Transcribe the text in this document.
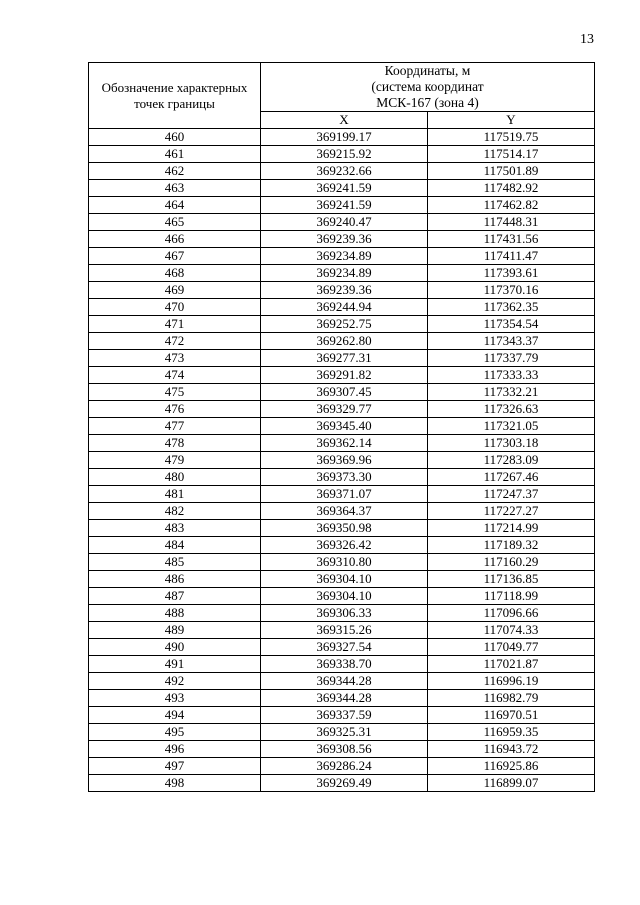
13
Обозначение характерных точек границы	Координаты, м
(система координат
МСК-167 (зона 4)	

	X	Y
460	369199.17	117519.75
461	369215.92	117514.17
462	369232.66	117501.89
463	369241.59	117482.92
464	369241.59	117462.82
465	369240.47	117448.31
466	369239.36	117431.56
467	369234.89	117411.47
468	369234.89	117393.61
469	369239.36	117370.16
470	369244.94	117362.35
471	369252.75	117354.54
472	369262.80	117343.37
473	369277.31	117337.79
474	369291.82	117333.33
475	369307.45	117332.21
476	369329.77	117326.63
477	369345.40	117321.05
478	369362.14	117303.18
479	369369.96	117283.09
480	369373.30	117267.46
481	369371.07	117247.37
482	369364.37	117227.27
483	369350.98	117214.99
484	369326.42	117189.32
485	369310.80	117160.29
486	369304.10	117136.85
487	369304.10	117118.99
488	369306.33	117096.66
489	369315.26	117074.33
490	369327.54	117049.77
491	369338.70	117021.87
492	369344.28	116996.19
493	369344.28	116982.79
494	369337.59	116970.51
495	369325.31	116959.35
496	369308.56	116943.72
497	369286.24	116925.86
498	369269.49	116899.07
